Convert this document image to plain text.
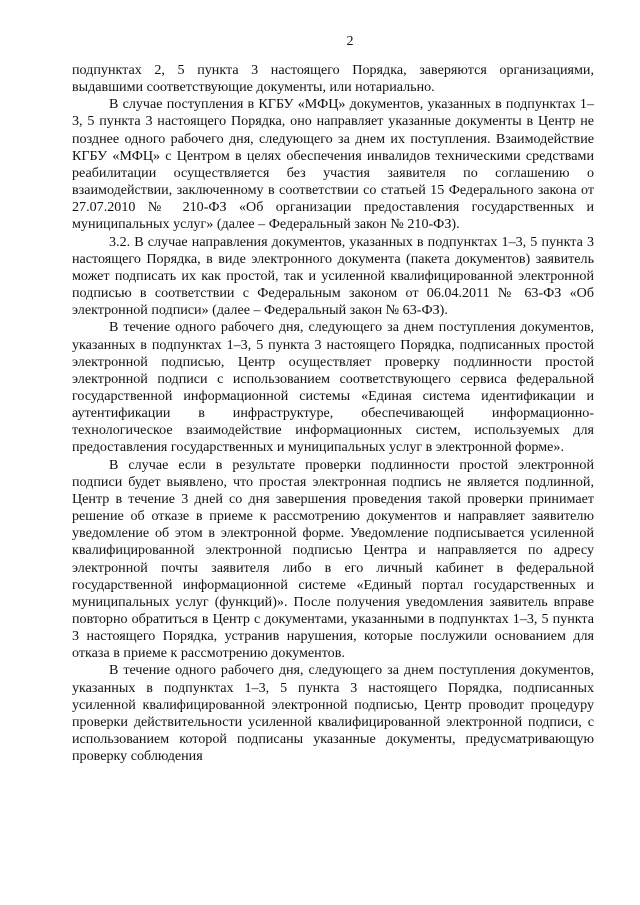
2

подпунктах 2, 5 пункта 3 настоящего Порядка, заверяются организациями, выдавшими соответствующие документы, или нотариально.

В случае поступления в КГБУ «МФЦ» документов, указанных в подпунктах 1–3, 5 пункта 3 настоящего Порядка, оно направляет указанные документы в Центр не позднее одного рабочего дня, следующего за днем их поступления. Взаимодействие КГБУ «МФЦ» с Центром в целях обеспечения инвалидов техническими средствами реабилитации осуществляется без участия заявителя по соглашению о взаимодействии, заключенному в соответствии со статьей 15 Федерального закона от 27.07.2010 № 210-ФЗ «Об организации предоставления государственных и муниципальных услуг» (далее – Федеральный закон № 210-ФЗ).

3.2. В случае направления документов, указанных в подпунктах 1–3, 5 пункта 3 настоящего Порядка, в виде электронного документа (пакета документов) заявитель может подписать их как простой, так и усиленной квалифицированной электронной подписью в соответствии с Федеральным законом от 06.04.2011 № 63-ФЗ «Об электронной подписи» (далее – Федеральный закон № 63-ФЗ).

В течение одного рабочего дня, следующего за днем поступления документов, указанных в подпунктах 1–3, 5 пункта 3 настоящего Порядка, подписанных простой электронной подписью, Центр осуществляет проверку подлинности простой электронной подписи с использованием соответствующего сервиса федеральной государственной информационной системы «Единая система идентификации и аутентификации в инфраструктуре, обеспечивающей информационно-технологическое взаимодействие информационных систем, используемых для предоставления государственных и муниципальных услуг в электронной форме».

В случае если в результате проверки подлинности простой электронной подписи будет выявлено, что простая электронная подпись не является подлинной, Центр в течение 3 дней со дня завершения проведения такой проверки принимает решение об отказе в приеме к рассмотрению документов и направляет заявителю уведомление об этом в электронной форме. Уведомление подписывается усиленной квалифицированной электронной подписью Центра и направляется по адресу электронной почты заявителя либо в его личный кабинет в федеральной государственной информационной системе «Единый портал государственных и муниципальных услуг (функций)». После получения уведомления заявитель вправе повторно обратиться в Центр с документами, указанными в подпунктах 1–3, 5 пункта 3 настоящего Порядка, устранив нарушения, которые послужили основанием для отказа в приеме к рассмотрению документов.

В течение одного рабочего дня, следующего за днем поступления документов, указанных в подпунктах 1–3, 5 пункта 3 настоящего Порядка, подписанных усиленной квалифицированной электронной подписью, Центр проводит процедуру проверки действительности усиленной квалифицированной электронной подписи, с использованием которой подписаны указанные документы, предусматривающую проверку соблюдения
